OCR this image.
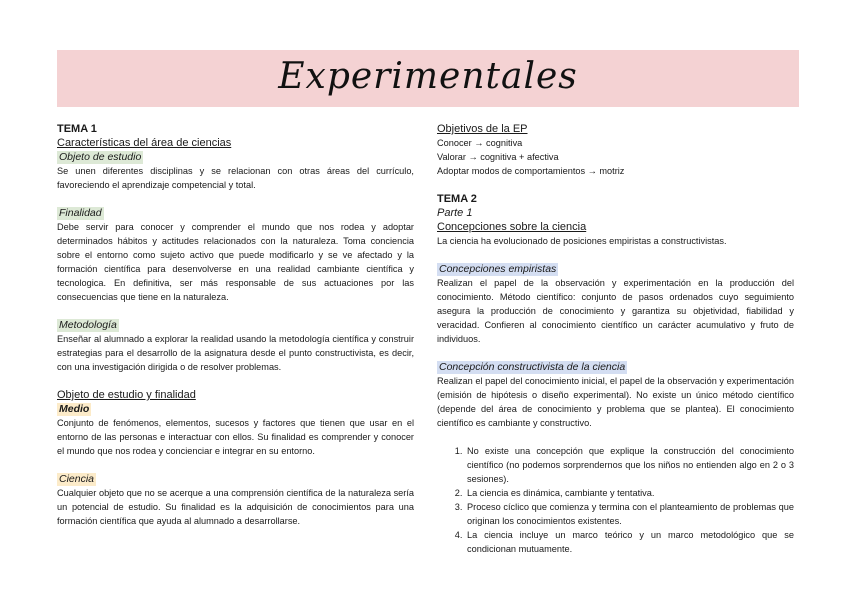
Experimentales

TEMA 1

Características del área de ciencias

Objeto de estudio

Se unen diferentes disciplinas y se relacionan con otras áreas del currículo, favoreciendo el aprendizaje competencial y total.

Finalidad

Debe servir para conocer y comprender el mundo que nos rodea y adoptar determinados hábitos y actitudes relacionados con la naturaleza. Toma conciencia sobre el entorno como sujeto activo que puede modificarlo y se ve afectado y la formación científica para desenvolverse en una realidad cambiante científica y tecnologica. En definitiva, ser más responsable de sus actuaciones por las consecuencias que tiene en la naturaleza.

Metodología

Enseñar al alumnado a explorar la realidad usando la metodología científica y construir estrategias para el desarrollo de la asignatura desde el punto constructivista, es decir, con una investigación dirigida o de resolver problemas.

Objeto de estudio y finalidad

Medio

Conjunto de fenómenos, elementos, sucesos y factores que tienen que usar en el entorno de las personas e interactuar con ellos. Su finalidad es comprender y conocer el mundo que nos rodea y concienciar e integrar en su entorno.

Ciencia

Cualquier objeto que no se acerque a una comprensión científica de la naturaleza sería un potencial de estudio. Su finalidad es la adquisición de conocimientos para una formación científica que ayuda al alumnado a desarrollarse.

Objetivos de la EP

Conocer → cognitiva

Valorar → cognitiva + afectiva

Adoptar modos de comportamientos → motriz

TEMA 2

Parte 1

Concepciones sobre la ciencia

La ciencia ha evolucionado de posiciones empiristas a constructivistas.

Concepciones empiristas

Realizan el papel de la observación y experimentación en la producción del conocimiento. Método científico: conjunto de pasos ordenados cuyo seguimiento asegura la producción de conocimiento y garantiza su objetividad, fiabilidad y veracidad. Confieren al conocimiento científico un carácter acumulativo y fruto de individuos.

Concepción constructivista de la ciencia

Realizan el papel del conocimiento inicial, el papel de la observación y experimentación (emisión de hipótesis o diseño experimental). No existe un único método científico (depende del área de conocimiento y problema que se plantea). El conocimiento científico es cambiante y constructivo.

1. No existe una concepción que explique la construcción del conocimiento científico (no podemos sorprendernos que los niños no entienden algo en 2 o 3 sesiones).
2. La ciencia es dinámica, cambiante y tentativa.
3. Proceso cíclico que comienza y termina con el planteamiento de problemas que originan los conocimientos existentes.
4. La ciencia incluye un marco teórico y un marco metodológico que se condicionan mutuamente.
